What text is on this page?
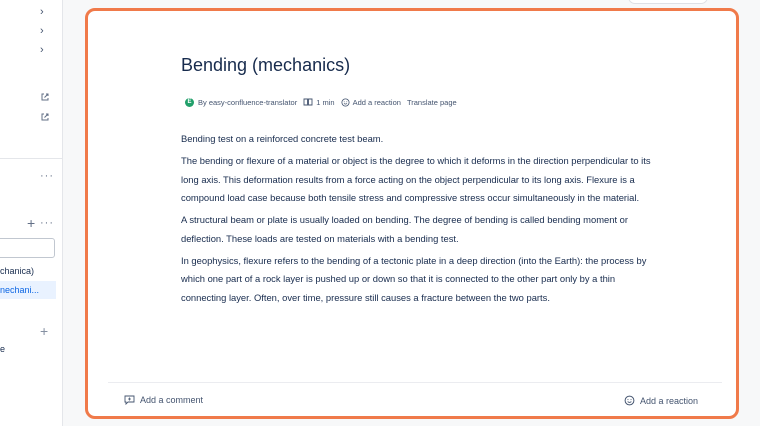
›
›
›
···
+ ···
chanica)
nechani...
+
e
Bending (mechanics)
E By easy-confluence-translator	1 min Add a reaction Translate page

Bending test on a reinforced concrete test beam.

The bending or flexure of a material or object is the degree to which it deforms in the direction perpendicular to its long axis. This deformation results from a force acting on the object perpendicular to its long axis. Flexure is a compound load case because both tensile stress and compressive stress occur simultaneously in the material.

A structural beam or plate is usually loaded on bending. The degree of bending is called bending moment or deflection. These loads are tested on materials with a bending test.

In geophysics, flexure refers to the bending of a tectonic plate in a deep direction (into the Earth): the process by which one part of a rock layer is pushed up or down so that it is connected to the other part only by a thin connecting layer. Often, over time, pressure still causes a fracture between the two parts.

Add a comment	Add a reaction
